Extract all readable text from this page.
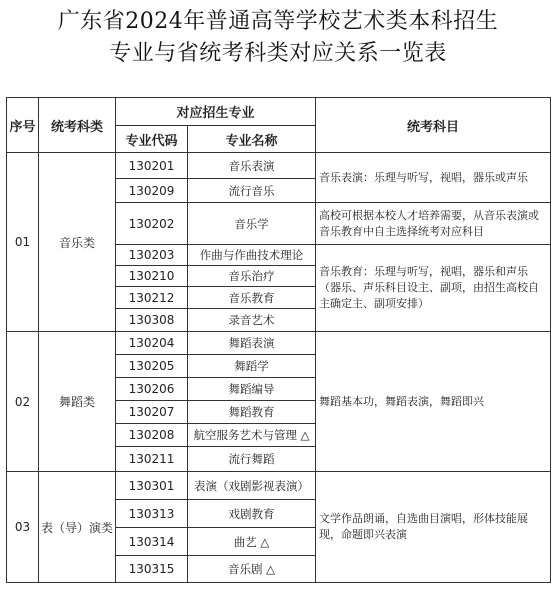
广东省2024年普通高等学校艺术类本科招生
专业与省统考科类对应关系一览表
序号	统考科类	对应招生专业		统考科目
		专业代码	专业名称	
01	音乐类	130201	音乐表演	音乐表演：乐理与听写，视唱，器乐或声乐
		130209	流行音乐	
		130202	音乐学	高校可根据本校人才培养需要，从音乐表演或音乐教育中自主选择统考对应科目
		130203	作曲与作曲技术理论	音乐教育：乐理与听写，视唱，器乐和声乐（器乐、声乐科目设主、副项，由招生高校自主确定主、副项安排）
		130210	音乐治疗	
		130212	音乐教育	
		130308	录音艺术	
02	舞蹈类	130204	舞蹈表演	舞蹈基本功，舞蹈表演，舞蹈即兴
		130205	舞蹈学	
		130206	舞蹈编导	
		130207	舞蹈教育	
		130208	航空服务艺术与管理 △	
		130211	流行舞蹈	
03	表（导）演类	130301	表演（戏剧影视表演）	文学作品朗诵，自选曲目演唱，形体技能展现，命题即兴表演
		130313	戏剧教育	
		130314	曲艺 △	
		130315	音乐剧 △	
